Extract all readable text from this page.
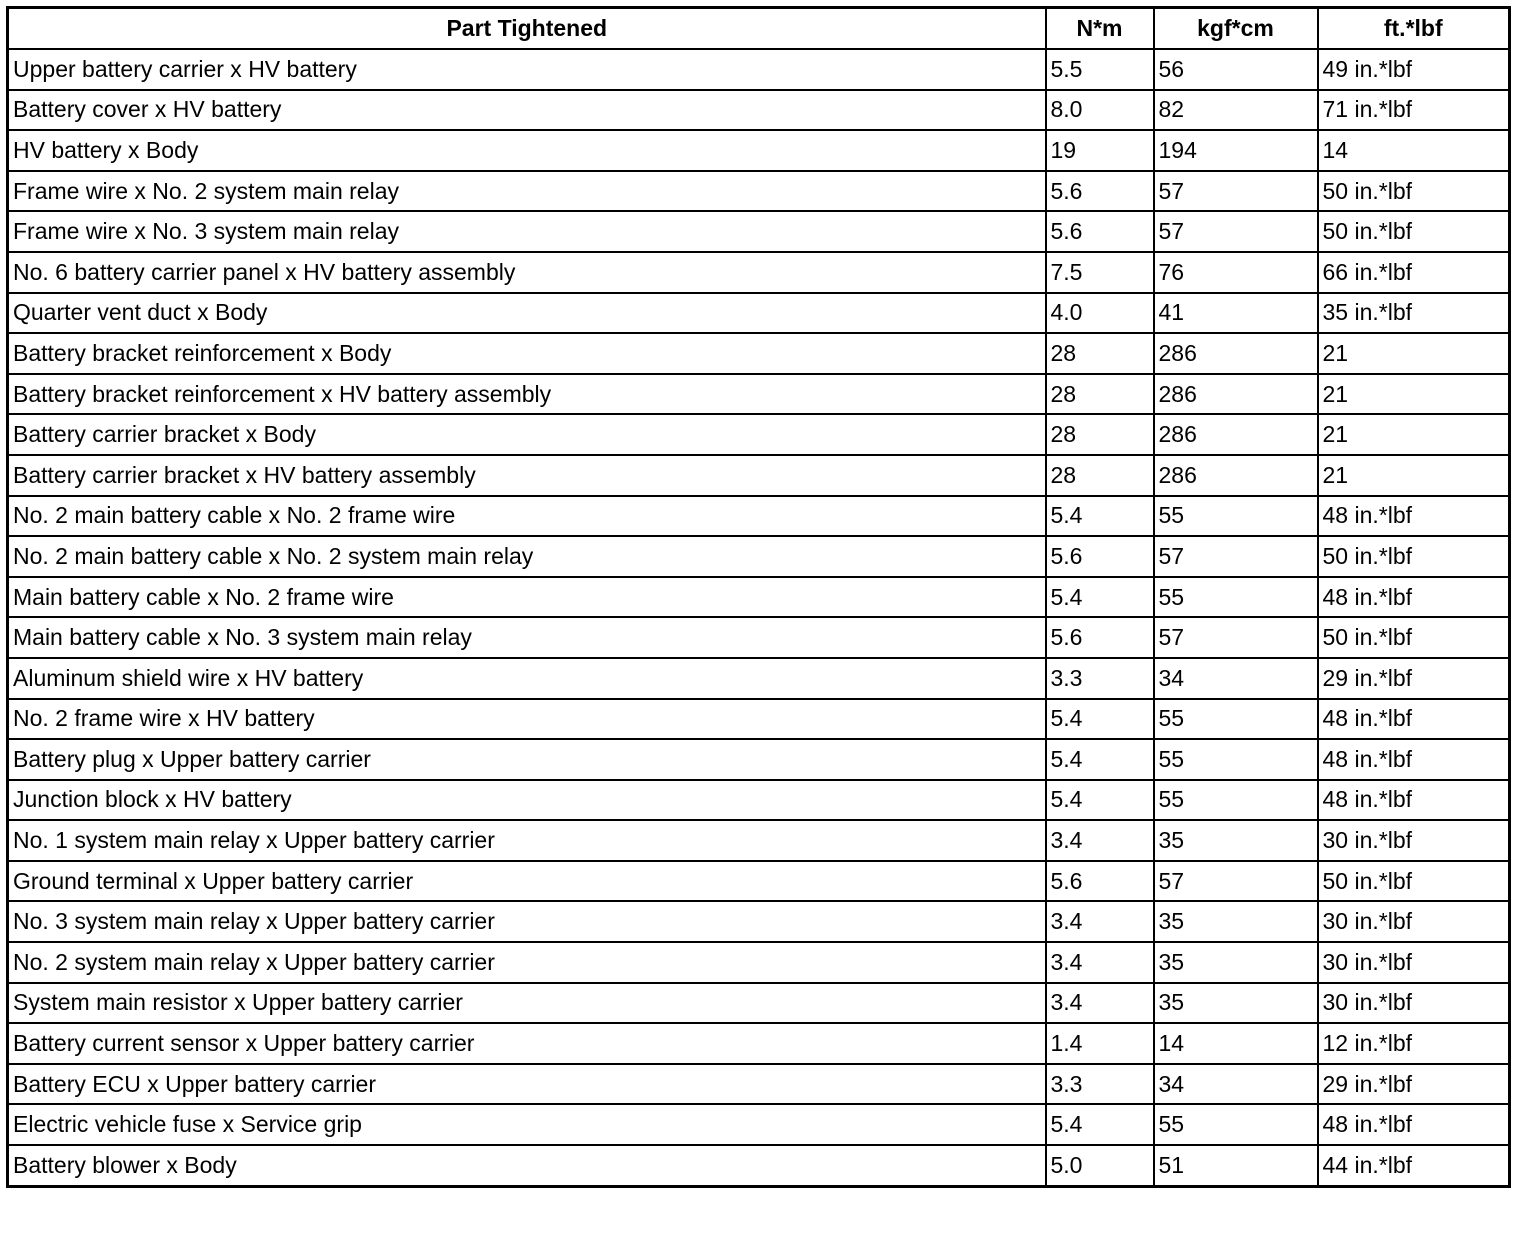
Part Tightened	N*m	kgf*cm	ft.*lbf
Upper battery carrier x HV battery	5.5	56	49 in.*lbf
Battery cover x HV battery	8.0	82	71 in.*lbf
HV battery x Body	19	194	14
Frame wire x No. 2 system main relay	5.6	57	50 in.*lbf
Frame wire x No. 3 system main relay	5.6	57	50 in.*lbf
No. 6 battery carrier panel x HV battery assembly	7.5	76	66 in.*lbf
Quarter vent duct x Body	4.0	41	35 in.*lbf
Battery bracket reinforcement x Body	28	286	21
Battery bracket reinforcement x HV battery assembly	28	286	21
Battery carrier bracket x Body	28	286	21
Battery carrier bracket x HV battery assembly	28	286	21
No. 2 main battery cable x No. 2 frame wire	5.4	55	48 in.*lbf
No. 2 main battery cable x No. 2 system main relay	5.6	57	50 in.*lbf
Main battery cable x No. 2 frame wire	5.4	55	48 in.*lbf
Main battery cable x No. 3 system main relay	5.6	57	50 in.*lbf
Aluminum shield wire x HV battery	3.3	34	29 in.*lbf
No. 2 frame wire x HV battery	5.4	55	48 in.*lbf
Battery plug x Upper battery carrier	5.4	55	48 in.*lbf
Junction block x HV battery	5.4	55	48 in.*lbf
No. 1 system main relay x Upper battery carrier	3.4	35	30 in.*lbf
Ground terminal x Upper battery carrier	5.6	57	50 in.*lbf
No. 3 system main relay x Upper battery carrier	3.4	35	30 in.*lbf
No. 2 system main relay x Upper battery carrier	3.4	35	30 in.*lbf
System main resistor x Upper battery carrier	3.4	35	30 in.*lbf
Battery current sensor x Upper battery carrier	1.4	14	12 in.*lbf
Battery ECU x Upper battery carrier	3.3	34	29 in.*lbf
Electric vehicle fuse x Service grip	5.4	55	48 in.*lbf
Battery blower x Body	5.0	51	44 in.*lbf
